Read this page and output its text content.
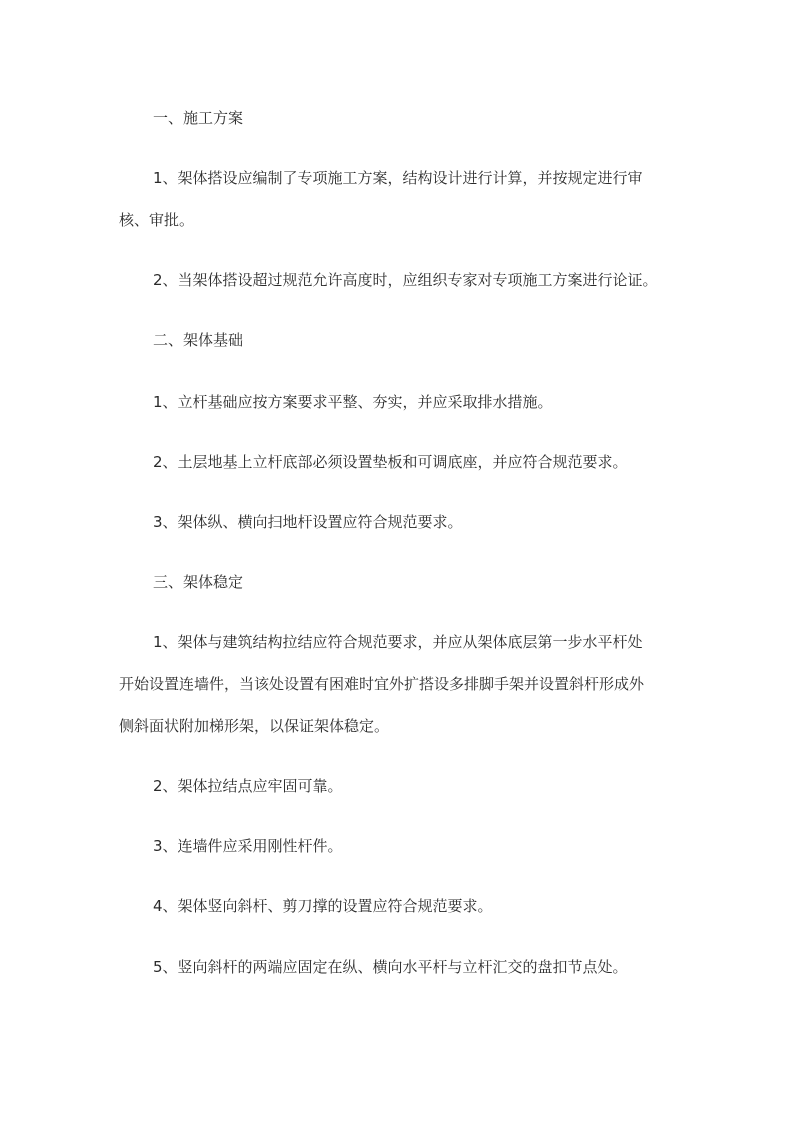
一、施工方案
1、架体搭设应编制了专项施工方案，结构设计进行计算，并按规定进行审
核、审批。
2、当架体搭设超过规范允许高度时，应组织专家对专项施工方案进行论证。
二、架体基础
1、立杆基础应按方案要求平整、夯实，并应采取排水措施。
2、土层地基上立杆底部必须设置垫板和可调底座，并应符合规范要求。
3、架体纵、横向扫地杆设置应符合规范要求。
三、架体稳定
1、架体与建筑结构拉结应符合规范要求，并应从架体底层第一步水平杆处
开始设置连墙件，当该处设置有困难时宜外扩搭设多排脚手架并设置斜杆形成外
侧斜面状附加梯形架，以保证架体稳定。
2、架体拉结点应牢固可靠。
3、连墙件应采用刚性杆件。
4、架体竖向斜杆、剪刀撑的设置应符合规范要求。
5、竖向斜杆的两端应固定在纵、横向水平杆与立杆汇交的盘扣节点处。
